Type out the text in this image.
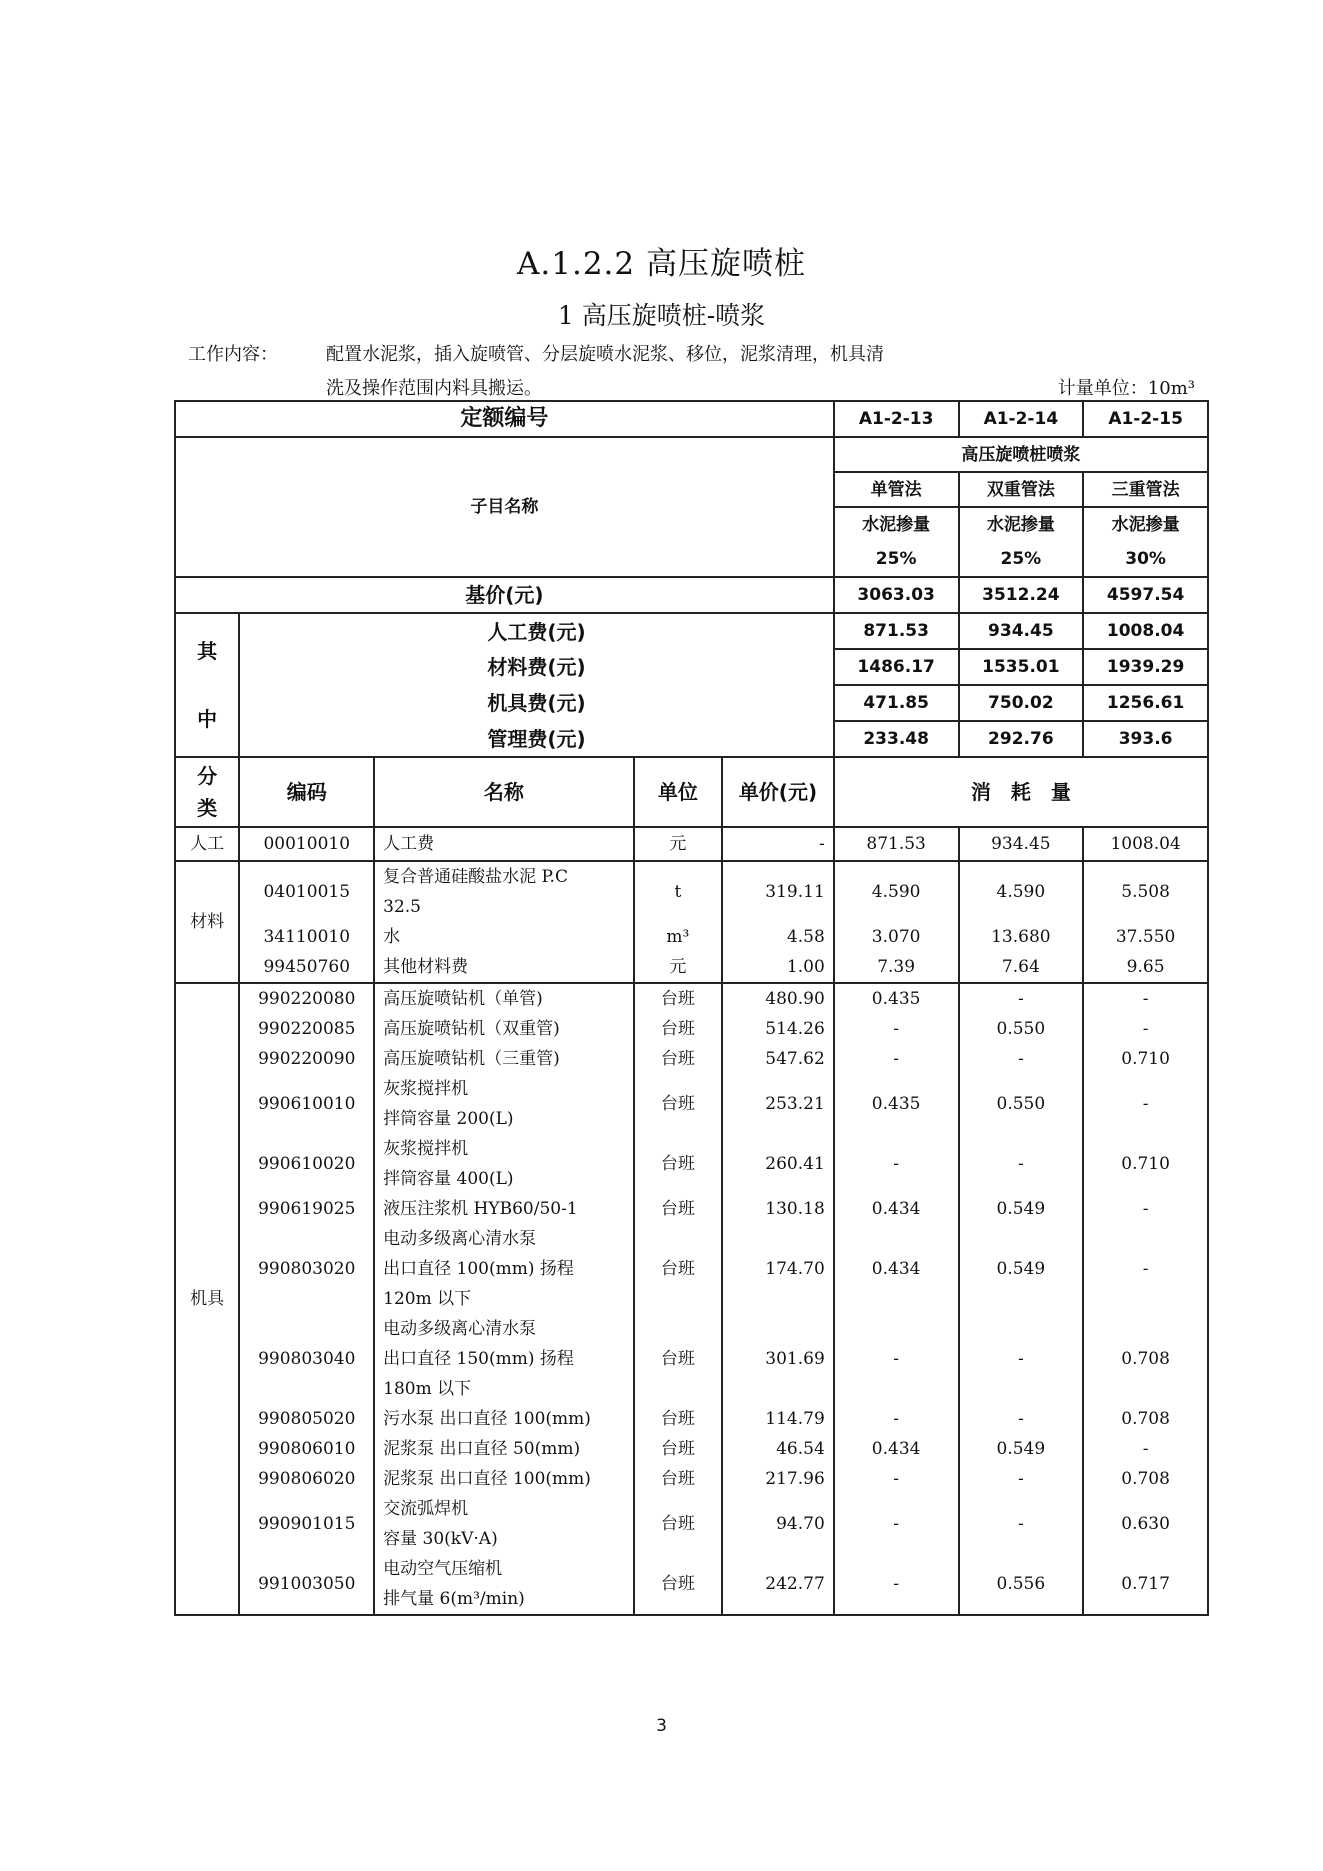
A.1.2.2 高压旋喷桩
1 高压旋喷桩-喷浆
工作内容：	配置水泥浆，插入旋喷管、分层旋喷水泥浆、移位，泥浆清理，机具清
洗及操作范围内料具搬运。	计量单位：10m³
定额编号					A1-2-13	A1-2-14	A1-2-15
子目名称					高压旋喷桩喷浆		
					单管法	双重管法	三重管法
					水泥掺量	水泥掺量	水泥掺量
					25%	25%	30%
基价(元)					3063.03	3512.24	4597.54

其
中	人工费(元)				871.53	934.45	1008.04
	材料费(元)				1486.17	1535.01	1939.29
	机具费(元)				471.85	750.02	1256.61
	管理费(元)				233.48	292.76	393.6

分
类	编码	名称	单位	单价(元)	消　耗　量		
人工	00010010	人工费	元	-	871.53	934.45	1008.04
材料	04010015	复合普通硅酸盐水泥 P.C
32.5	t	319.11	4.590	4.590	5.508
	34110010	水	m³	4.58	3.070	13.680	37.550
	99450760	其他材料费	元	1.00	7.39	7.64	9.65
机具	990220080	高压旋喷钻机（单管)	台班	480.90	0.435	-	-
	990220085	高压旋喷钻机（双重管)	台班	514.26	-	0.550	-
	990220090	高压旋喷钻机（三重管)	台班	547.62	-	-	0.710
	990610010	灰浆搅拌机
拌筒容量 200(L)	台班	253.21	0.435	0.550	-
	990610020	灰浆搅拌机
拌筒容量 400(L)	台班	260.41	-	-	0.710
	990619025	液压注浆机 HYB60/50-1	台班	130.18	0.434	0.549	-
	990803020	电动多级离心清水泵
出口直径 100(mm) 扬程
120m 以下	台班	174.70	0.434	0.549	-
	990803040	电动多级离心清水泵
出口直径 150(mm) 扬程
180m 以下	台班	301.69	-	-	0.708
	990805020	污水泵 出口直径 100(mm)	台班	114.79	-	-	0.708
	990806010	泥浆泵 出口直径 50(mm)	台班	46.54	0.434	0.549	-
	990806020	泥浆泵 出口直径 100(mm)	台班	217.96	-	-	0.708
	990901015	交流弧焊机
容量 30(kV·A)	台班	94.70	-	-	0.630
	991003050	电动空气压缩机
排气量 6(m³/min)	台班	242.77	-	0.556	0.717
3
